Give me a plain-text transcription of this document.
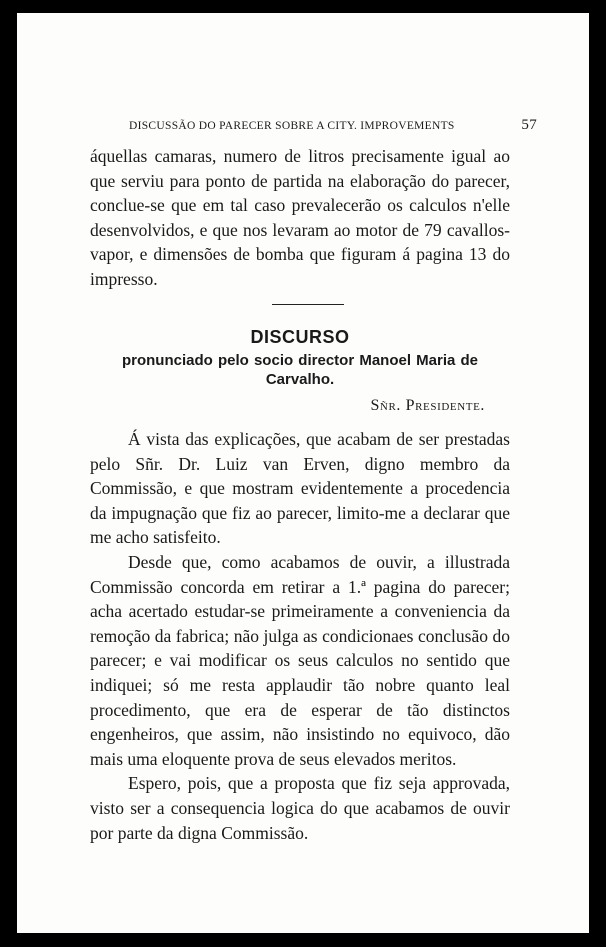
DISCUSSÃO DO PARECER SOBRE A CITY. IMPROVEMENTS	57

áquellas camaras, numero de litros precisamente igual ao que serviu para ponto de partida na elaboração do parecer, conclue-se que em tal caso prevalecerão os calculos n'elle desenvolvidos, e que nos levaram ao motor de 79 cavallos-vapor, e dimensões de bomba que figuram á pagina 13 do impresso.

DISCURSO
pronunciado pelo socio director Manoel Maria de Carvalho.
Sñr. Presidente.

Á vista das explicações, que acabam de ser prestadas pelo Sñr. Dr. Luiz van Erven, digno membro da Commissão, e que mostram evidentemente a procedencia da impugnação que fiz ao parecer, limito-me a declarar que me acho satisfeito.

Desde que, como acabamos de ouvir, a illustrada Commissão concorda em retirar a 1.ª pagina do parecer; acha acertado estudar-se primeiramente a conveniencia da remoção da fabrica; não julga as condicionaes conclusão do parecer; e vai modificar os seus calculos no sentido que indiquei; só me resta applaudir tão nobre quanto leal procedimento, que era de esperar de tão distinctos engenheiros, que assim, não insistindo no equivoco, dão mais uma eloquente prova de seus elevados meritos.

Espero, pois, que a proposta que fiz seja approvada, visto ser a consequencia logica do que acabamos de ouvir por parte da digna Commissão.
